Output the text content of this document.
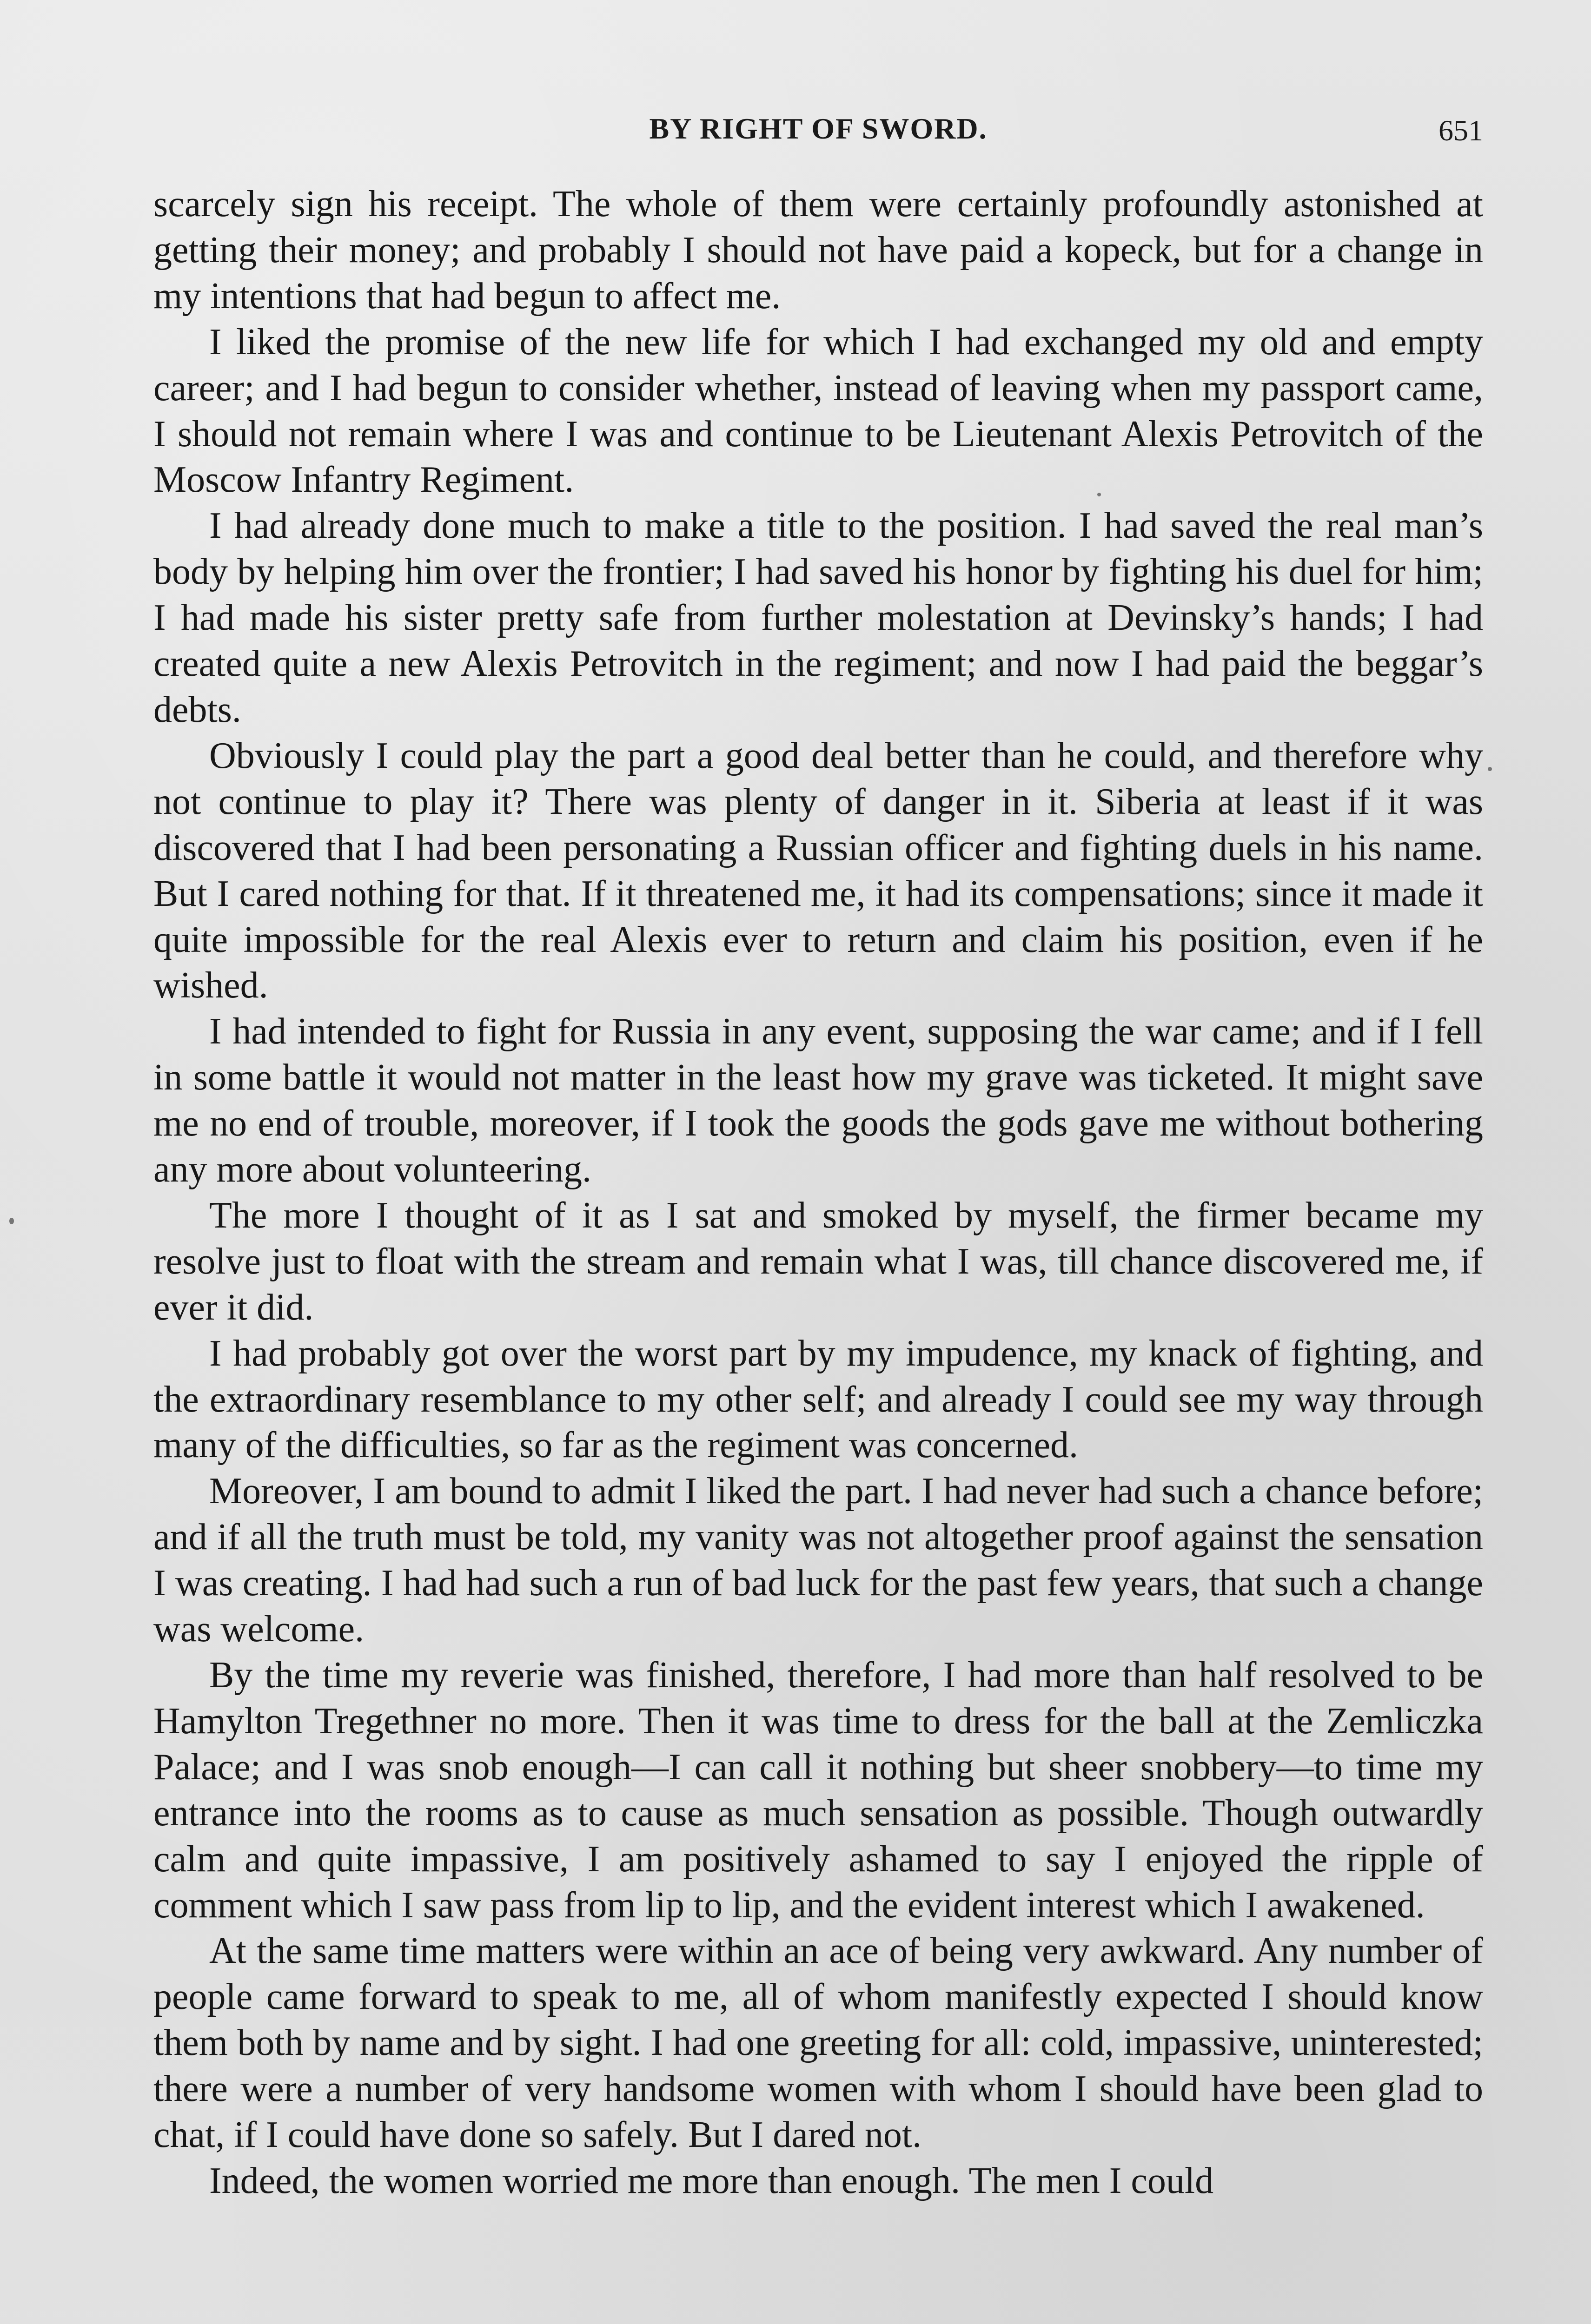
BY RIGHT OF SWORD.	651

scarcely sign his receipt. The whole of them were certainly profoundly astonished at getting their money; and probably I should not have paid a kopeck, but for a change in my intentions that had begun to affect me.

I liked the promise of the new life for which I had exchanged my old and empty career; and I had begun to consider whether, instead of leaving when my passport came, I should not remain where I was and continue to be Lieutenant Alexis Petrovitch of the Moscow Infantry Regiment.

I had already done much to make a title to the position. I had saved the real man’s body by helping him over the frontier; I had saved his honor by fighting his duel for him; I had made his sister pretty safe from further molestation at Devinsky’s hands; I had created quite a new Alexis Petrovitch in the regiment; and now I had paid the beggar’s debts.

Obviously I could play the part a good deal better than he could, and therefore why not continue to play it? There was plenty of danger in it. Siberia at least if it was discovered that I had been personating a Russian officer and fighting duels in his name. But I cared nothing for that. If it threatened me, it had its compensations; since it made it quite impossible for the real Alexis ever to return and claim his position, even if he wished.

I had intended to fight for Russia in any event, supposing the war came; and if I fell in some battle it would not matter in the least how my grave was ticketed. It might save me no end of trouble, moreover, if I took the goods the gods gave me without bothering any more about volunteering.

The more I thought of it as I sat and smoked by myself, the firmer became my resolve just to float with the stream and remain what I was, till chance discovered me, if ever it did.

I had probably got over the worst part by my impudence, my knack of fighting, and the extraordinary resemblance to my other self; and already I could see my way through many of the difficulties, so far as the regiment was concerned.

Moreover, I am bound to admit I liked the part. I had never had such a chance before; and if all the truth must be told, my vanity was not altogether proof against the sensation I was creating. I had had such a run of bad luck for the past few years, that such a change was welcome.

By the time my reverie was finished, therefore, I had more than half resolved to be Hamylton Tregethner no more. Then it was time to dress for the ball at the Zemliczka Palace; and I was snob enough—I can call it nothing but sheer snobbery—to time my entrance into the rooms as to cause as much sensation as possible. Though outwardly calm and quite impassive, I am positively ashamed to say I enjoyed the ripple of comment which I saw pass from lip to lip, and the evident interest which I awakened.

At the same time matters were within an ace of being very awkward. Any number of people came forward to speak to me, all of whom manifestly expected I should know them both by name and by sight. I had one greeting for all: cold, impassive, uninterested; there were a number of very handsome women with whom I should have been glad to chat, if I could have done so safely. But I dared not.

Indeed, the women worried me more than enough. The men I could
